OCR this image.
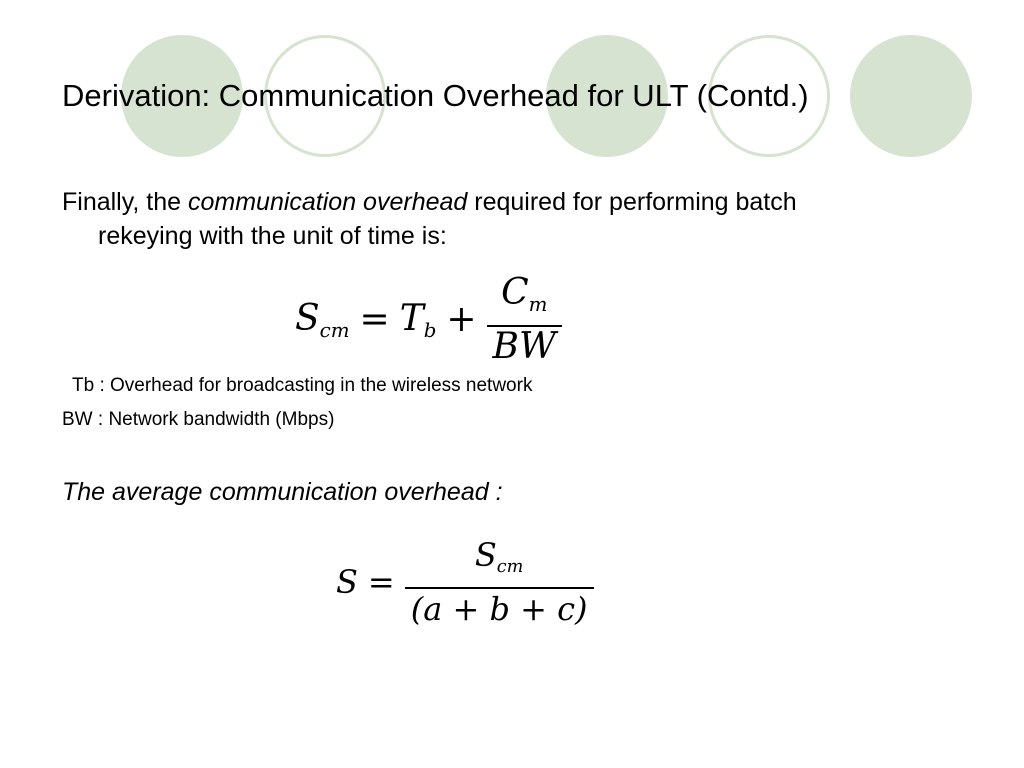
Derivation: Communication Overhead for ULT (Contd.)
Finally, the communication overhead required for performing batch
rekeying with the unit of time is:
$S_{cm} = T_b + \frac{C_m}{BW}$
Tb : Overhead for broadcasting in the wireless network
BW : Network bandwidth (Mbps)
The average communication overhead :
$S = \frac{S_{cm}}{(a + b + c)}$
